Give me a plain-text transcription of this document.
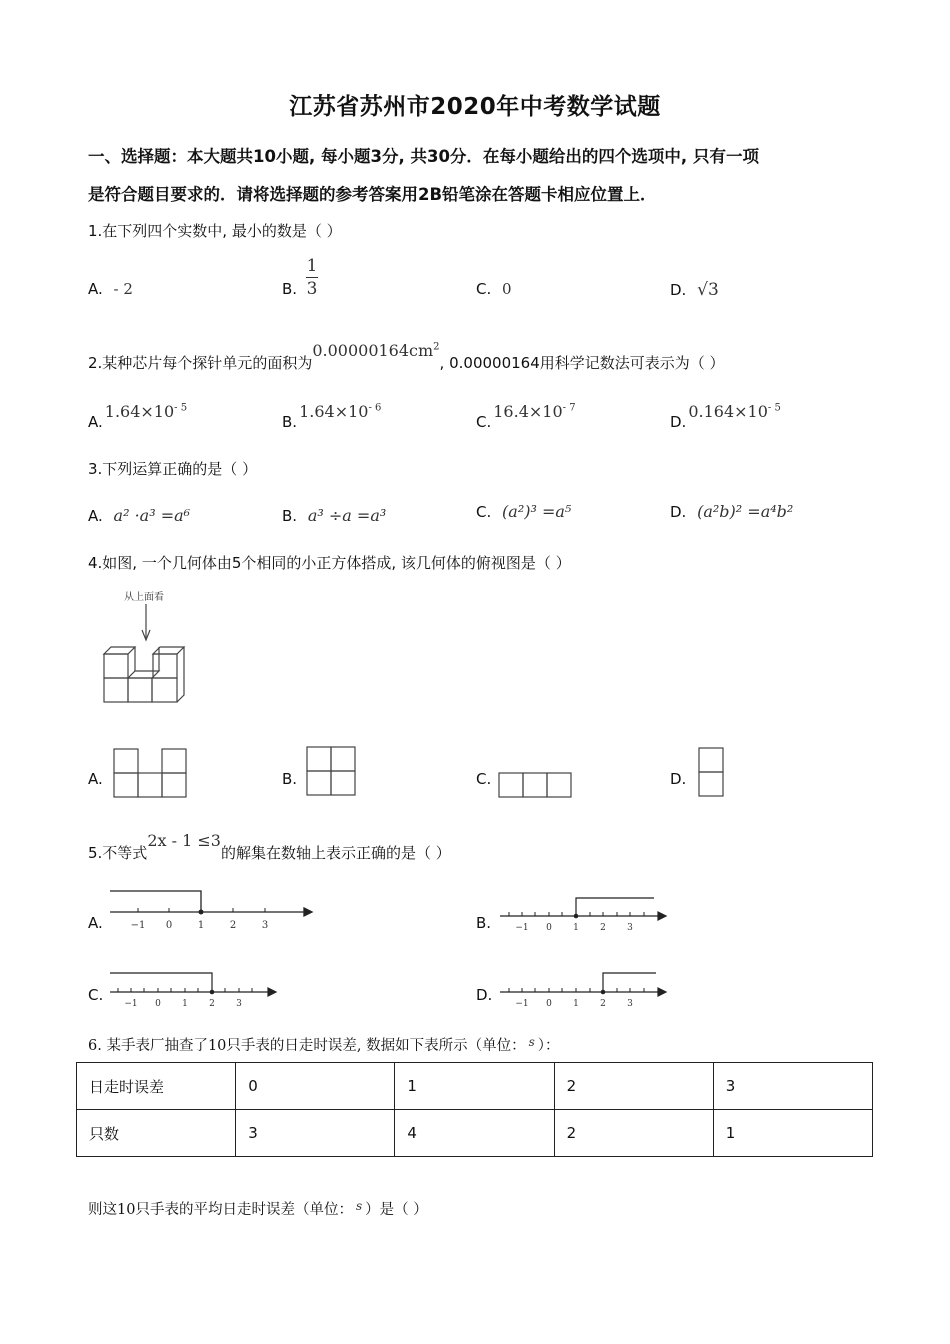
江苏省苏州市2020年中考数学试题
一、选择题：本大题共10小题, 每小题3分, 共30分．在每小题给出的四个选项中, 只有一项
是符合题目要求的．请将选择题的参考答案用2B铅笔涂在答题卡相应位置上．
1.在下列四个实数中, 最小的数是（ ）
A. - 2	B.
1
3	C. 0	D. √3
2.某种芯片每个探针单元的面积为$0.00000164cm^2$, 0.00000164用科学记数法可表示为（ ）
$A.1.64\times 10^{- 5}$
$B.1.64\times 10^{- 6}$
$C.16.4\times 10^{- 7}$
$D.0.164\times 10^{- 5}$
3.下列运算正确的是（ ）
A. a² ·a³ =a⁶	B. a³ ÷a =a³	C. (a²)³ =a⁵	D. (a²b)² =a⁴b²
4.如图, 一个几何体由5个相同的小正方体搭成, 该几何体的俯视图是（ ）
从上面看
A.	B.	C.	D.
5.不等式2x - 1 ≤3的解集在数轴上表示正确的是（ ）
A.	−1 0	1	2	3	B.	−1 0 1 2 3
C. −1 0 1 2 3	D.	−1 0 1 2 3
6. 某手表厂抽查了10只手表的日走时误差, 数据如下表所示（单位： $^s$ ）：
日走时误差	0	1	2	3
只数	3	4	2	1
则这10只手表的平均日走时误差（单位： $^s$ ）是（ ）
